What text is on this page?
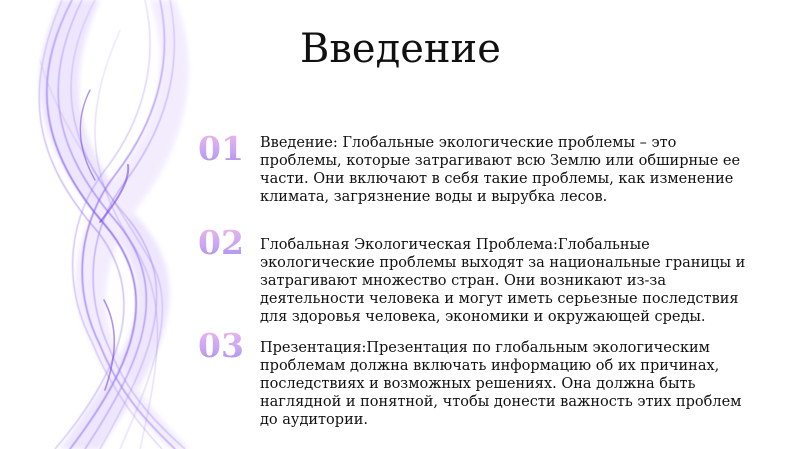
Введение
01 Введение: Глобальные экологические проблемы – это проблемы, которые затрагивают всю Землю или обширные ее части. Они включают в себя такие проблемы, как изменение климата, загрязнение воды и вырубка лесов.

02 Глобальная Экологическая Проблема:Глобальные экологические проблемы выходят за национальные границы и затрагивают множество стран. Они возникают из-за деятельности человека и могут иметь серьезные последствия для здоровья человека, экономики и окружающей среды.

03 Презентация:Презентация по глобальным экологическим проблемам должна включать информацию об их причинах, последствиях и возможных решениях. Она должна быть наглядной и понятной, чтобы донести важность этих проблем до аудитории.
